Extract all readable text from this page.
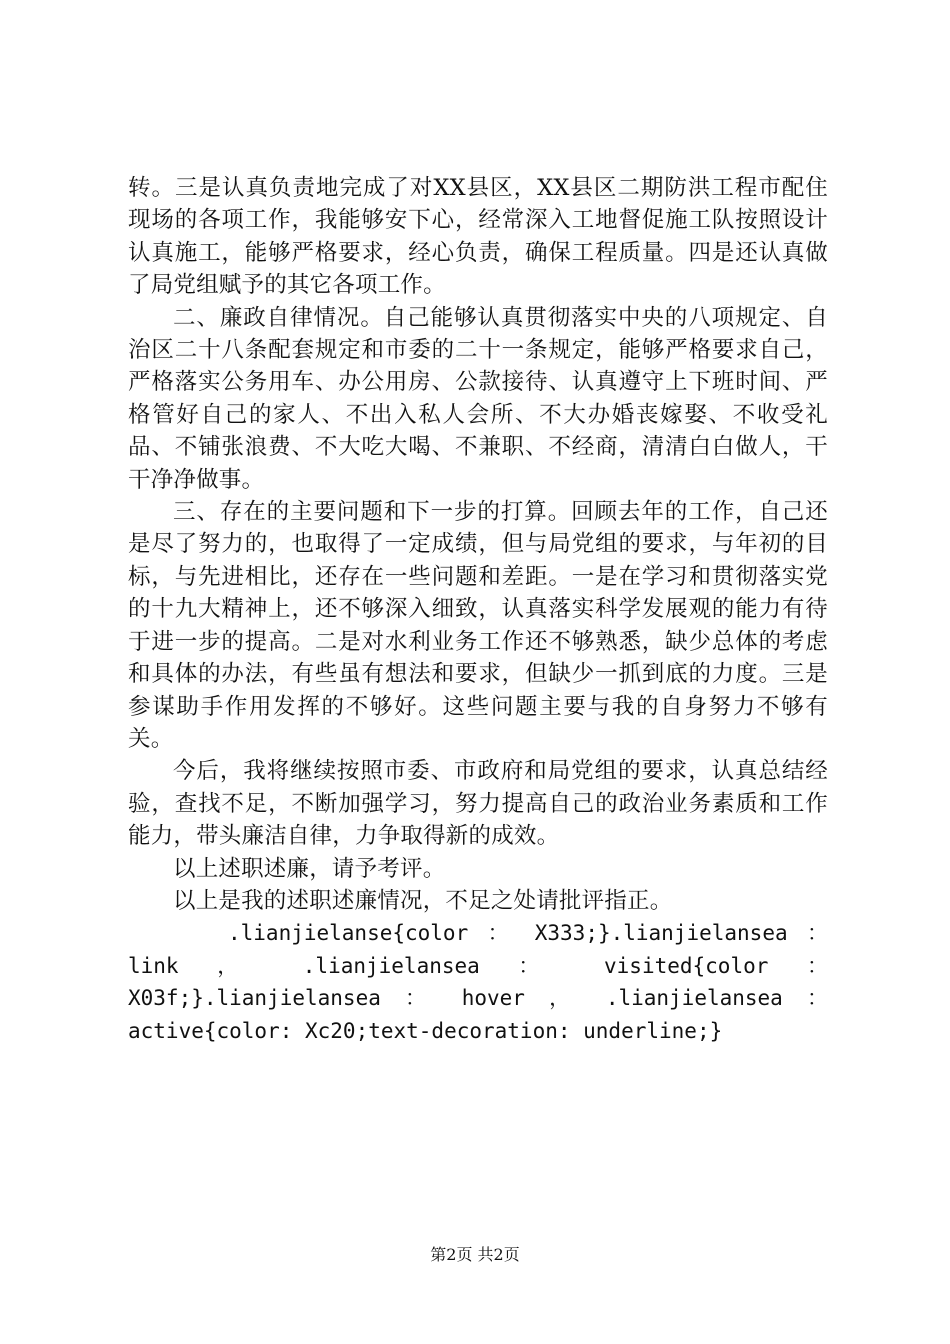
转。三是认真负责地完成了对XX县区，XX县区二期防洪工程市配住现场的各项工作，我能够安下心，经常深入工地督促施工队按照设计认真施工，能够严格要求，经心负责，确保工程质量。四是还认真做了局党组赋予的其它各项工作。

二、廉政自律情况。自己能够认真贯彻落实中央的八项规定、自治区二十八条配套规定和市委的二十一条规定，能够严格要求自己，严格落实公务用车、办公用房、公款接待、认真遵守上下班时间、严格管好自己的家人、不出入私人会所、不大办婚丧嫁娶、不收受礼品、不铺张浪费、不大吃大喝、不兼职、不经商，清清白白做人，干干净净做事。

三、存在的主要问题和下一步的打算。回顾去年的工作，自己还是尽了努力的，也取得了一定成绩，但与局党组的要求，与年初的目标，与先进相比，还存在一些问题和差距。一是在学习和贯彻落实党的十九大精神上，还不够深入细致，认真落实科学发展观的能力有待于进一步的提高。二是对水利业务工作还不够熟悉，缺少总体的考虑和具体的办法，有些虽有想法和要求，但缺少一抓到底的力度。三是参谋助手作用发挥的不够好。这些问题主要与我的自身努力不够有关。

今后，我将继续按照市委、市政府和局党组的要求，认真总结经验，查找不足，不断加强学习，努力提高自己的政治业务素质和工作能力，带头廉洁自律，力争取得新的成效。

以上述职述廉，请予考评。

以上是我的述职述廉情况，不足之处请批评指正。

.lianjielanse{color ： X333;}.lianjielansea ： link ， .lianjielansea ： visited{color ： X03f;}.lianjielansea ： hover ， .lianjielansea ： active{color: Xc20;text-decoration: underline;}

第2页 共2页
